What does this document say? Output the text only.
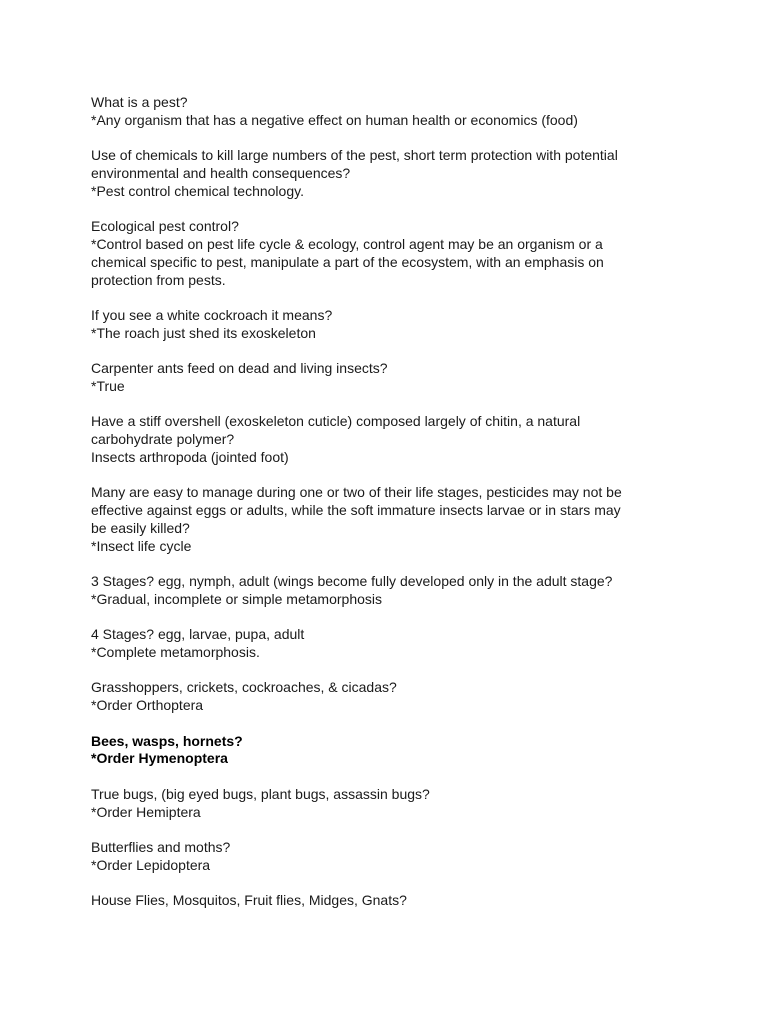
What is a pest?

*Any organism that has a negative effect on human health or economics (food)

Use of chemicals to kill large numbers of the pest, short term protection with potential
environmental and health consequences?

*Pest control chemical technology.

Ecological pest control?

*Control based on pest life cycle & ecology, control agent may be an organism or a
chemical specific to pest, manipulate a part of the ecosystem, with an emphasis on
protection from pests.

If you see a white cockroach it means?

*The roach just shed its exoskeleton

Carpenter ants feed on dead and living insects?

*True

Have a stiff overshell (exoskeleton cuticle) composed largely of chitin, a natural
carbohydrate polymer?

Insects arthropoda (jointed foot)

Many are easy to manage during one or two of their life stages, pesticides may not be
effective against eggs or adults, while the soft immature insects larvae or in stars may
be easily killed?

*Insect life cycle

3 Stages? egg, nymph, adult (wings become fully developed only in the adult stage?

*Gradual, incomplete or simple metamorphosis

4 Stages? egg, larvae, pupa, adult

*Complete metamorphosis.

Grasshoppers, crickets, cockroaches, & cicadas?

*Order Orthoptera

Bees, wasps, hornets?

*Order Hymenoptera

True bugs, (big eyed bugs, plant bugs, assassin bugs?

*Order Hemiptera

Butterflies and moths?

*Order Lepidoptera

House Flies, Mosquitos, Fruit flies, Midges, Gnats?
